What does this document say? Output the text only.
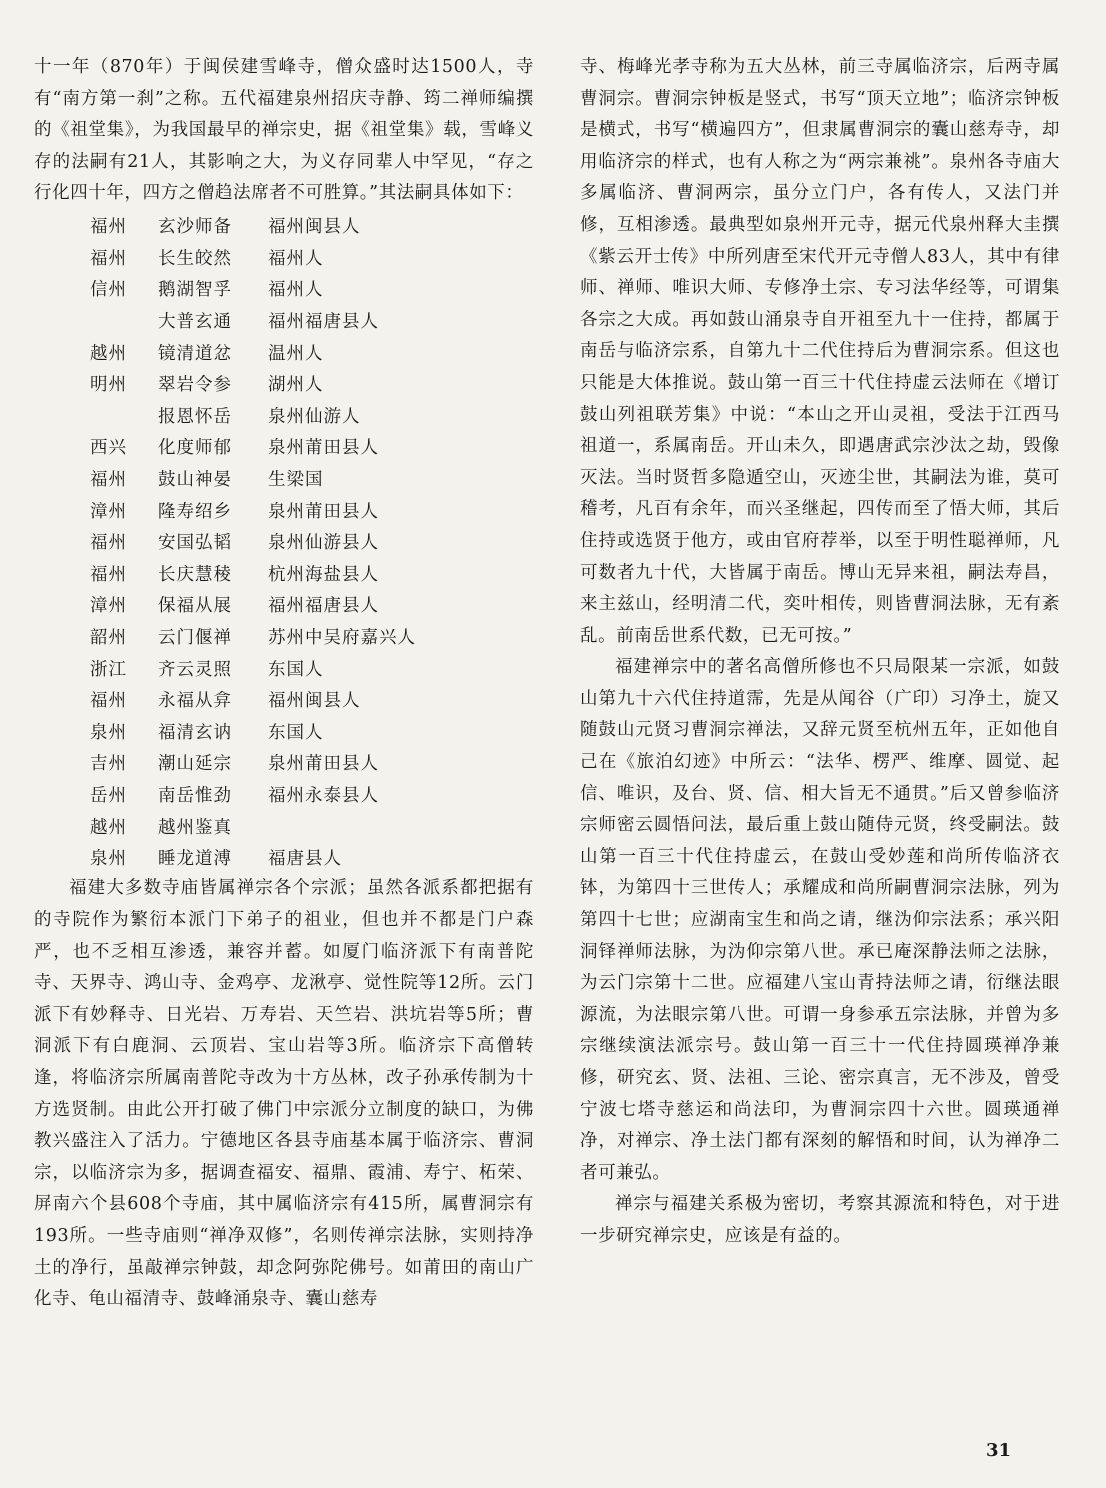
十一年（870年）于闽侯建雪峰寺，僧众盛时达1500人，寺有“南方第一刹”之称。五代福建泉州招庆寺静、筠二禅师编撰的《祖堂集》，为我国最早的禅宗史，据《祖堂集》载，雪峰义存的法嗣有21人，其影响之大，为义存同辈人中罕见，“存之行化四十年，四方之僧趋法席者不可胜算。”其法嗣具体如下：

福州	玄沙师备	福州闽县人
福州	长生皎然	福州人
信州	鹅湖智孚	福州人
	大普玄通	福州福唐县人
越州	镜清道忿	温州人
明州	翠岩令参	湖州人
	报恩怀岳	泉州仙游人
西兴	化度师郁	泉州莆田县人
福州	鼓山神晏	生梁国
漳州	隆寿绍乡	泉州莆田县人
福州	安国弘韬	泉州仙游县人
福州	长庆慧稜	杭州海盐县人
漳州	保福从展	福州福唐县人
韶州	云门偃禅	苏州中吴府嘉兴人
浙江	齐云灵照	东国人
福州	永福从弇	福州闽县人
泉州	福清玄讷	东国人
吉州	潮山延宗	泉州莆田县人
岳州	南岳惟劲	福州永泰县人
越州	越州鉴真	
泉州	睡龙道溥	福唐县人

福建大多数寺庙皆属禅宗各个宗派；虽然各派系都把据有的寺院作为繁衍本派门下弟子的祖业，但也并不都是门户森严，也不乏相互渗透，兼容并蓄。如厦门临济派下有南普陀寺、天界寺、鸿山寺、金鸡亭、龙湫亭、觉性院等12所。云门派下有妙释寺、日光岩、万寿岩、天竺岩、洪坑岩等5所；曹洞派下有白鹿洞、云顶岩、宝山岩等3所。临济宗下高僧转逢，将临济宗所属南普陀寺改为十方丛林，改子孙承传制为十方选贤制。由此公开打破了佛门中宗派分立制度的缺口，为佛教兴盛注入了活力。宁德地区各县寺庙基本属于临济宗、曹洞宗，以临济宗为多，据调查福安、福鼎、霞浦、寿宁、柘荣、屏南六个县608个寺庙，其中属临济宗有415所，属曹洞宗有193所。一些寺庙则“禅净双修”，名则传禅宗法脉，实则持净土的净行，虽敲禅宗钟鼓，却念阿弥陀佛号。如莆田的南山广化寺、龟山福清寺、鼓峰涌泉寺、囊山慈寿

寺、梅峰光孝寺称为五大丛林，前三寺属临济宗，后两寺属曹洞宗。曹洞宗钟板是竖式，书写“顶天立地”；临济宗钟板是横式，书写“横遍四方”，但隶属曹洞宗的囊山慈寿寺，却用临济宗的样式，也有人称之为“两宗兼祧”。泉州各寺庙大多属临济、曹洞两宗，虽分立门户，各有传人，又法门并修，互相渗透。最典型如泉州开元寺，据元代泉州释大圭撰《紫云开士传》中所列唐至宋代开元寺僧人83人，其中有律师、禅师、唯识大师、专修净土宗、专习法华经等，可谓集各宗之大成。再如鼓山涌泉寺自开祖至九十一住持，都属于南岳与临济宗系，自第九十二代住持后为曹洞宗系。但这也只能是大体推说。鼓山第一百三十代住持虚云法师在《增订鼓山列祖联芳集》中说：“本山之开山灵祖，受法于江西马祖道一，系属南岳。开山未久，即遇唐武宗沙汰之劫，毁像灭法。当时贤哲多隐遁空山，灭迹尘世，其嗣法为谁，莫可稽考，凡百有余年，而兴圣继起，四传而至了悟大师，其后住持或选贤于他方，或由官府荐举，以至于明性聪禅师，凡可数者九十代，大皆属于南岳。博山无异来祖，嗣法寿昌，来主兹山，经明清二代，奕叶相传，则皆曹洞法脉，无有紊乱。前南岳世系代数，已无可按。”

福建禅宗中的著名高僧所修也不只局限某一宗派，如鼓山第九十六代住持道霈，先是从闻谷（广印）习净土，旋又随鼓山元贤习曹洞宗禅法，又辞元贤至杭州五年，正如他自己在《旅泊幻迹》中所云：“法华、楞严、维摩、圆觉、起信、唯识，及台、贤、信、相大旨无不通贯。”后又曾参临济宗师密云圆悟问法，最后重上鼓山随侍元贤，终受嗣法。鼓山第一百三十代住持虚云，在鼓山受妙莲和尚所传临济衣钵，为第四十三世传人；承耀成和尚所嗣曹洞宗法脉，列为第四十七世；应湖南宝生和尚之请，继沩仰宗法系；承兴阳洞铎禅师法脉，为沩仰宗第八世。承已庵深静法师之法脉，为云门宗第十二世。应福建八宝山青持法师之请，衍继法眼源流，为法眼宗第八世。可谓一身参承五宗法脉，并曾为多宗继续演法派宗号。鼓山第一百三十一代住持圆瑛禅净兼修，研究玄、贤、法祖、三论、密宗真言，无不涉及，曾受宁波七塔寺慈运和尚法印，为曹洞宗四十六世。圆瑛通禅净，对禅宗、净土法门都有深刻的解悟和时间，认为禅净二者可兼弘。

禅宗与福建关系极为密切，考察其源流和特色，对于进一步研究禅宗史，应该是有益的。

31
